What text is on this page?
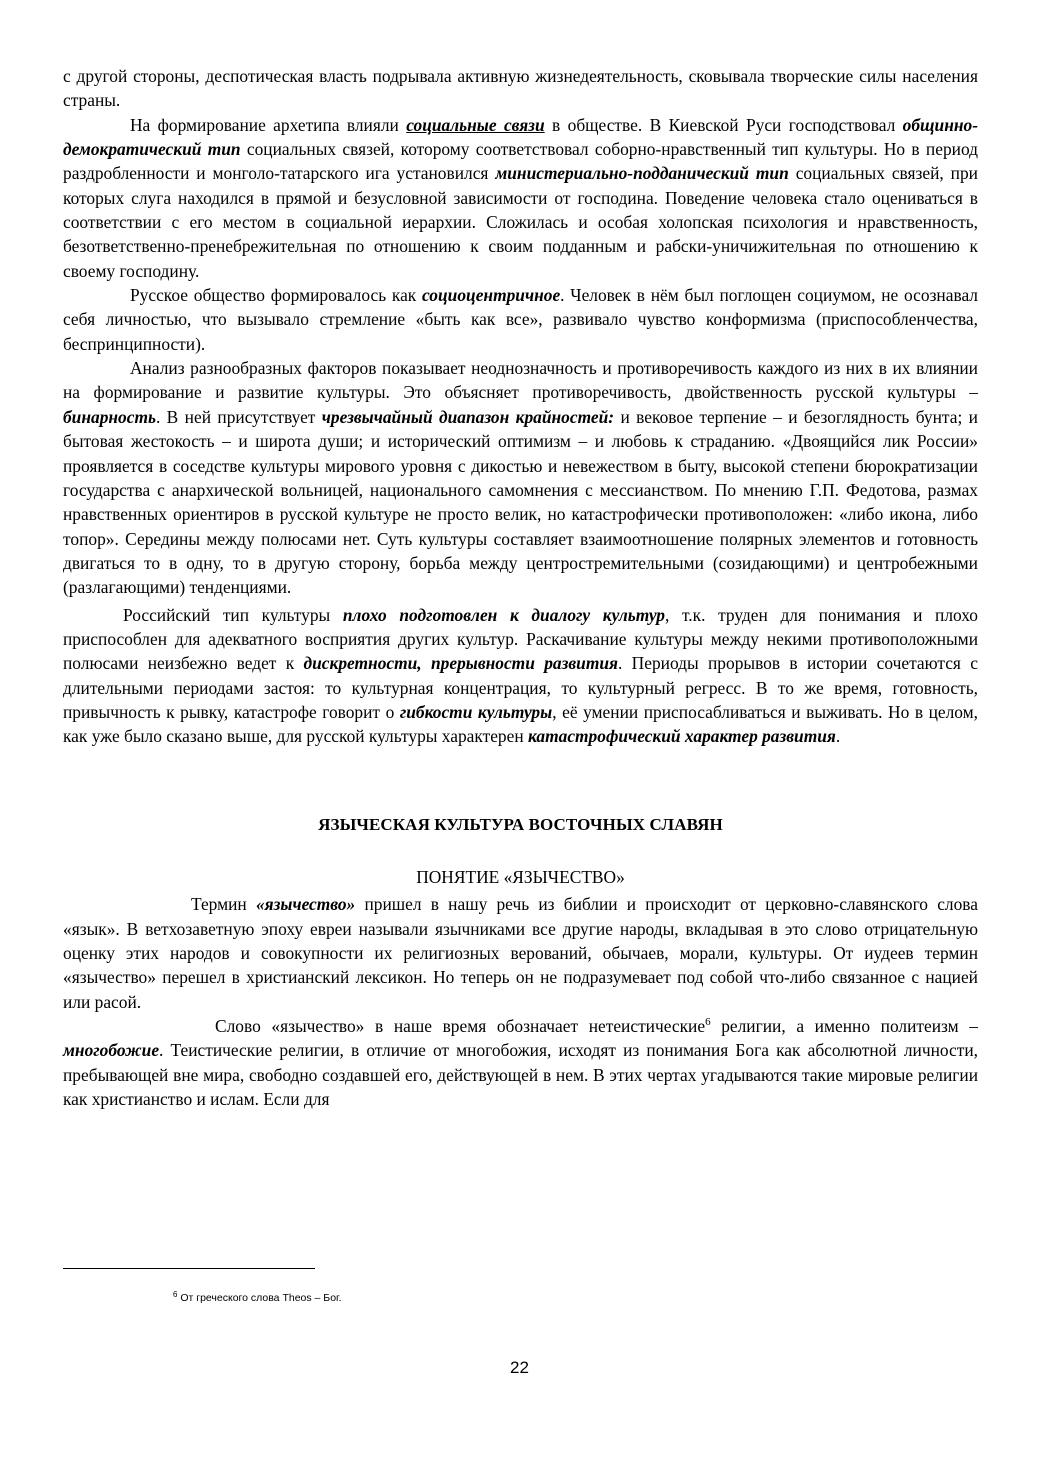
с другой стороны, деспотическая власть подрывала активную жизнедеятельность, сковывала творческие силы населения страны.

На формирование архетипа влияли социальные связи в обществе. В Киевской Руси господствовал общинно-демократический тип социальных связей, которому соответствовал соборно-нравственный тип культуры. Но в период раздробленности и монголо-татарского ига установился министериально-подданический тип социальных связей, при которых слуга находился в прямой и безусловной зависимости от господина. Поведение человека стало оцениваться в соответствии с его местом в социальной иерархии. Сложилась и особая холопская психология и нравственность, безответственно-пренебрежительная по отношению к своим подданным и рабски-уничижительная по отношению к своему господину.

Русское общество формировалось как социоцентричное. Человек в нём был поглощен социумом, не осознавал себя личностью, что вызывало стремление «быть как все», развивало чувство конформизма (приспособленчества, беспринципности).

Анализ разнообразных факторов показывает неоднозначность и противоречивость каждого из них в их влиянии на формирование и развитие культуры. Это объясняет противоречивость, двойственность русской культуры – бинарность. В ней присутствует чрезвычайный диапазон крайностей: и вековое терпение – и безоглядность бунта; и бытовая жестокость – и широта души; и исторический оптимизм – и любовь к страданию. «Двоящийся лик России» проявляется в соседстве культуры мирового уровня с дикостью и невежеством в быту, высокой степени бюрократизации государства с анархической вольницей, национального самомнения с мессианством. По мнению Г.П. Федотова, размах нравственных ориентиров в русской культуре не просто велик, но катастрофически противоположен: «либо икона, либо топор». Середины между полюсами нет. Суть культуры составляет взаимоотношение полярных элементов и готовность двигаться то в одну, то в другую сторону, борьба между центростремительными (созидающими) и центробежными (разлагающими) тенденциями.

Российский тип культуры плохо подготовлен к диалогу культур, т.к. труден для понимания и плохо приспособлен для адекватного восприятия других культур. Раскачивание культуры между некими противоположными полюсами неизбежно ведет к дискретности, прерывности развития. Периоды прорывов в истории сочетаются с длительными периодами застоя: то культурная концентрация, то культурный регресс. В то же время, готовность, привычность к рывку, катастрофе говорит о гибкости культуры, её умении приспосабливаться и выживать. Но в целом, как уже было сказано выше, для русской культуры характерен катастрофический характер развития.

ЯЗЫЧЕСКАЯ КУЛЬТУРА ВОСТОЧНЫХ СЛАВЯН

ПОНЯТИЕ «ЯЗЫЧЕСТВО»

Термин «язычество» пришел в нашу речь из библии и происходит от церковно-славянского слова «язык». В ветхозаветную эпоху евреи называли язычниками все другие народы, вкладывая в это слово отрицательную оценку этих народов и совокупности их религиозных верований, обычаев, морали, культуры. От иудеев термин «язычество» перешел в христианский лексикон. Но теперь он не подразумевает под собой что-либо связанное с нацией или расой.

Слово «язычество» в наше время обозначает нетеистические$^6$ религии, а именно политеизм – многобожие. Теистические религии, в отличие от многобожия, исходят из понимания Бога как абсолютной личности, пребывающей вне мира, свободно создавшей его, действующей в нем. В этих чертах угадываются такие мировые религии как христианство и ислам. Если для

$^6$ От греческого слова Theos – Бог.
22
